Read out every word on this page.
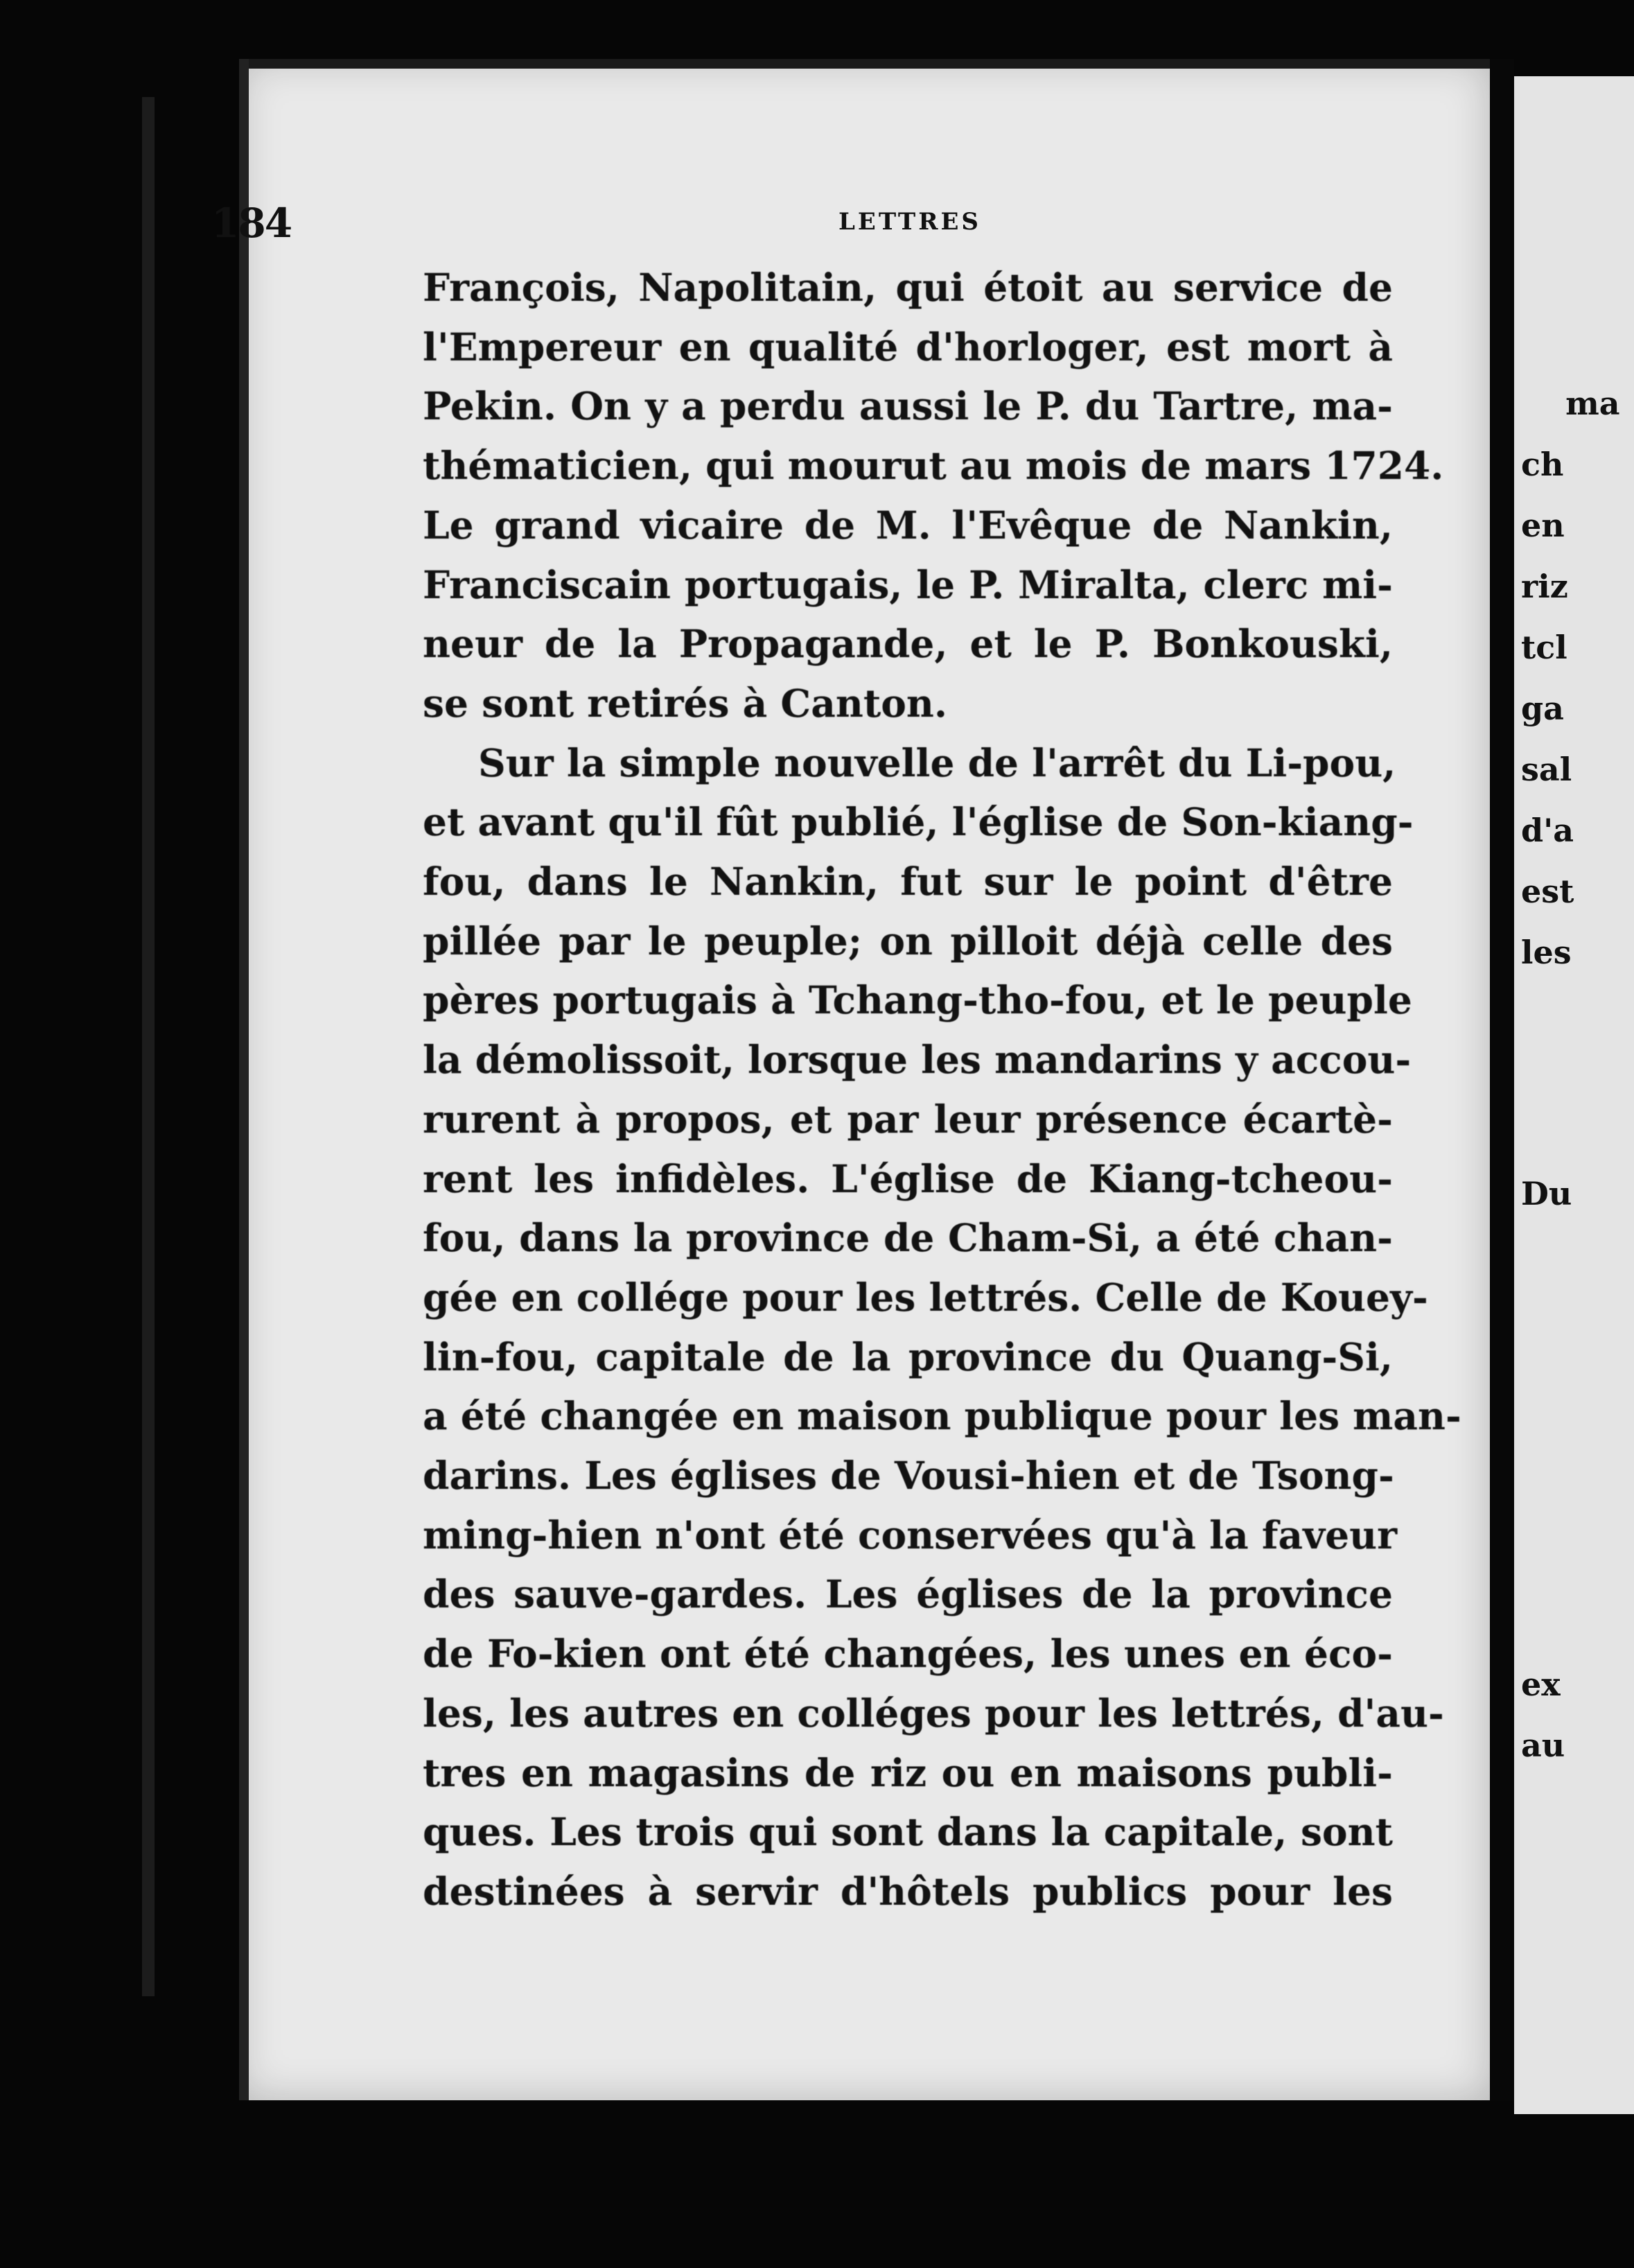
ma
ch
en
riz
tcl
ga
sal
d'a
est
les

Du

ex
au

184	LETTRES

François, Napolitain, qui étoit au service de
l'Empereur en qualité d'horloger, est mort à
Pekin. On y a perdu aussi le P. du Tartre, ma-
thématicien, qui mourut au mois de mars 1724.
Le grand vicaire de M. l'Evêque de Nankin,
Franciscain portugais, le P. Miralta, clerc mi-
neur de la Propagande, et le P. Bonkouski,
se sont retirés à Canton.

Sur la simple nouvelle de l'arrêt du Li-pou,
et avant qu'il fût publié, l'église de Son-kiang-
fou, dans le Nankin, fut sur le point d'être
pillée par le peuple; on pilloit déjà celle des
pères portugais à Tchang-tho-fou, et le peuple
la démolissoit, lorsque les mandarins y accou-
rurent à propos, et par leur présence écartè-
rent les infidèles. L'église de Kiang-tcheou-
fou, dans la province de Cham-Si, a été chan-
gée en collége pour les lettrés. Celle de Kouey-
lin-fou, capitale de la province du Quang-Si,
a été changée en maison publique pour les man-
darins. Les églises de Vousi-hien et de Tsong-
ming-hien n'ont été conservées qu'à la faveur
des sauve-gardes. Les églises de la province
de Fo-kien ont été changées, les unes en éco-
les, les autres en colléges pour les lettrés, d'au-
tres en magasins de riz ou en maisons publi-
ques. Les trois qui sont dans la capitale, sont
destinées à servir d'hôtels publics pour les
